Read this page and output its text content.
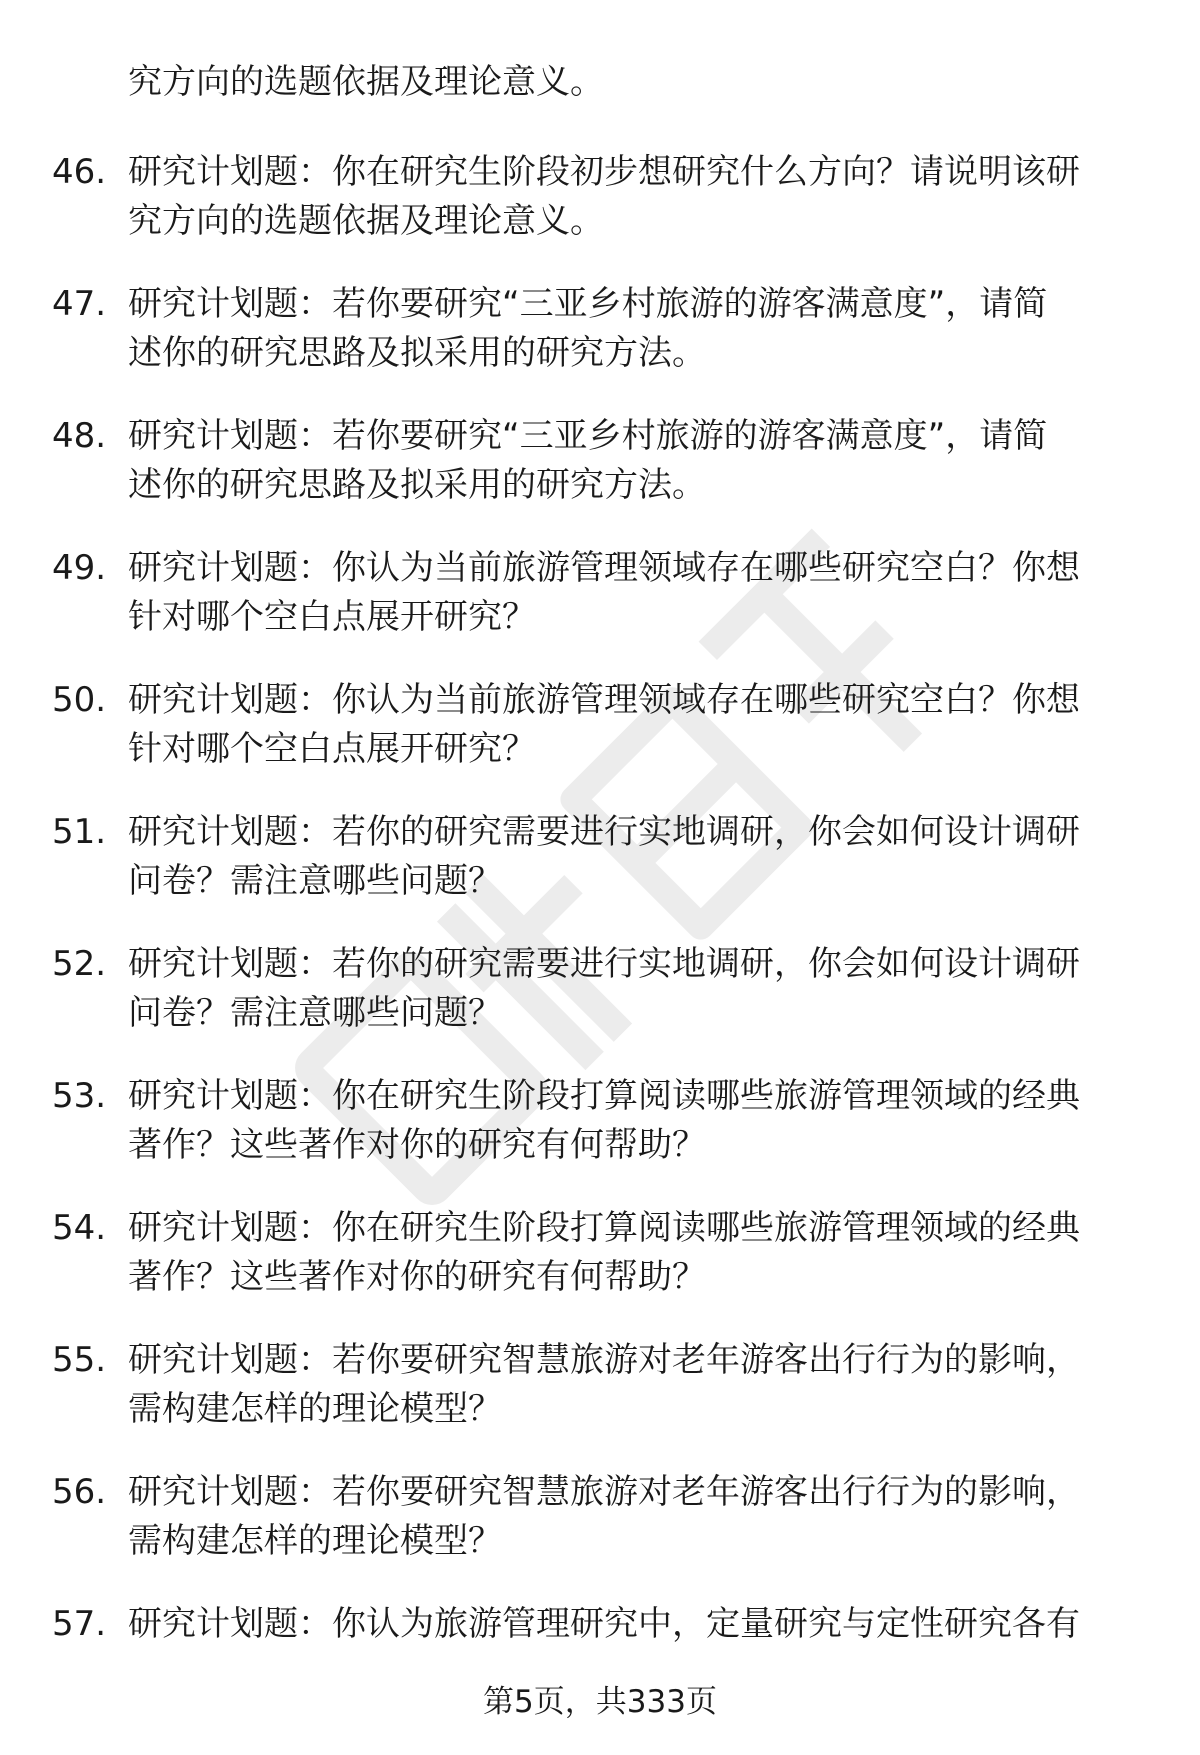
究方向的选题依据及理论意义。
46. 研究计划题：你在研究生阶段初步想研究什么方向？请说明该研
究方向的选题依据及理论意义。
47. 研究计划题：若你要研究“三亚乡村旅游的游客满意度”，请简
述你的研究思路及拟采用的研究方法。
48. 研究计划题：若你要研究“三亚乡村旅游的游客满意度”，请简
述你的研究思路及拟采用的研究方法。
49. 研究计划题：你认为当前旅游管理领域存在哪些研究空白？你想
针对哪个空白点展开研究？
50. 研究计划题：你认为当前旅游管理领域存在哪些研究空白？你想
针对哪个空白点展开研究？
51. 研究计划题：若你的研究需要进行实地调研，你会如何设计调研
问卷？需注意哪些问题？
52. 研究计划题：若你的研究需要进行实地调研，你会如何设计调研
问卷？需注意哪些问题？
53. 研究计划题：你在研究生阶段打算阅读哪些旅游管理领域的经典
著作？这些著作对你的研究有何帮助？
54. 研究计划题：你在研究生阶段打算阅读哪些旅游管理领域的经典
著作？这些著作对你的研究有何帮助？
55. 研究计划题：若你要研究智慧旅游对老年游客出行行为的影响，
需构建怎样的理论模型？
56. 研究计划题：若你要研究智慧旅游对老年游客出行行为的影响，
需构建怎样的理论模型？
57. 研究计划题：你认为旅游管理研究中，定量研究与定性研究各有
第5页，共333页
